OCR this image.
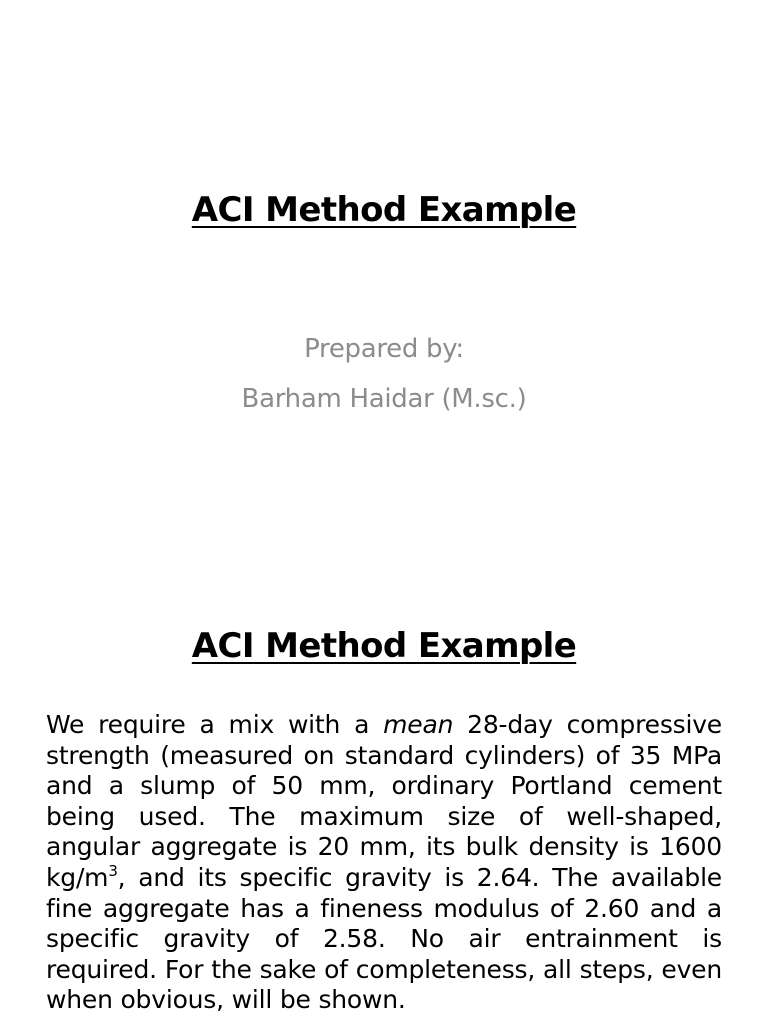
ACI Method Example

Prepared by:

Barham Haidar (M.sc.)

ACI Method Example

We require a mix with a mean 28-day compressive strength (measured on standard cylinders) of 35 MPa and a slump of 50 mm, ordinary Portland cement being used. The maximum size of well-shaped, angular aggregate is 20 mm, its bulk density is 1600 $kg/m^3$, and its specific gravity is 2.64. The available fine aggregate has a fineness modulus of 2.60 and a specific gravity of 2.58. No air entrainment is required. For the sake of completeness, all steps, even when obvious, will be shown.
